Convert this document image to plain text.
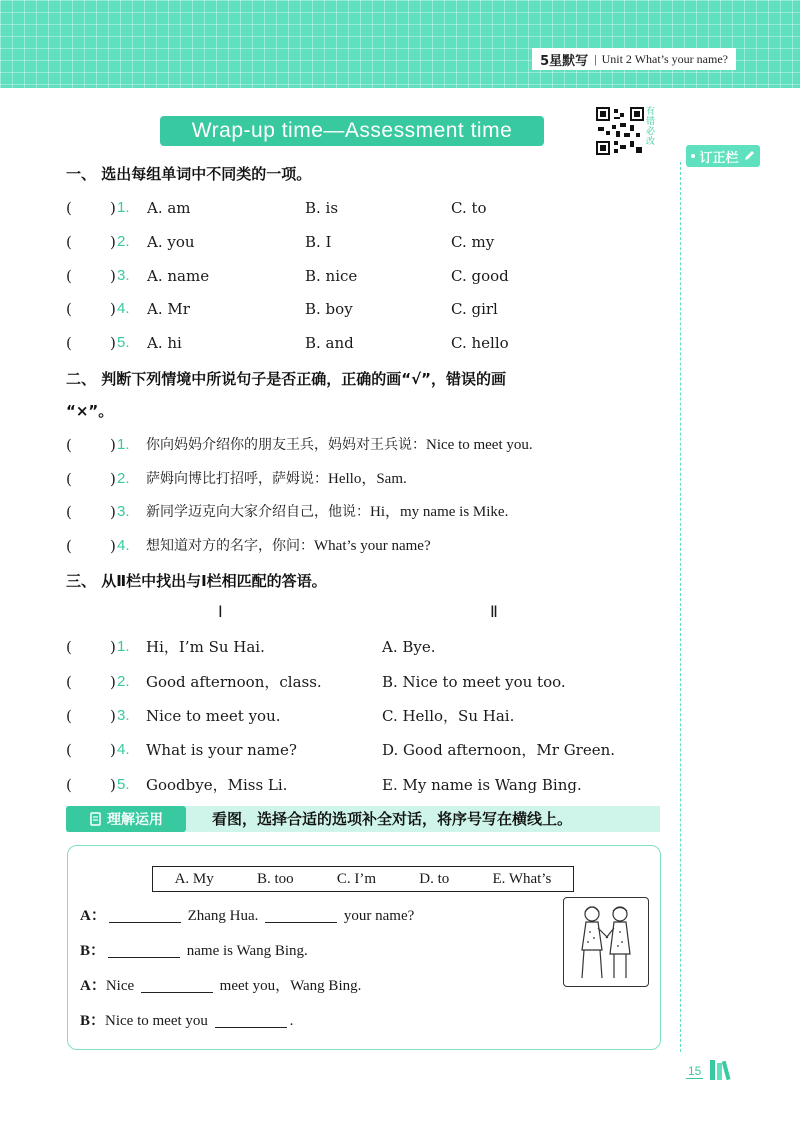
5星默写 | Unit 2 What’s your name?
Wrap-up time—Assessment time
有 错 必 改
订正栏
一、 选出每组单词中不同类的一项。
(	) 1. A. am	B. is	C. to
(	) 2. A. you	B. I	C. my
(	) 3. A. name	B. nice	C. good
(	) 4. A. Mr	B. boy	C. girl
(	) 5. A. hi	B. and	C. hello
二、 判断下列情境中所说句子是否正确，正确的画“√”，错误的画
“×”。
(	) 1. 你向妈妈介绍你的朋友王兵，妈妈对王兵说：Nice to meet you.
(	) 2. 萨姆向博比打招呼，萨姆说：Hello，Sam.
(	) 3. 新同学迈克向大家介绍自己，他说：Hi，my name is Mike.
(	) 4. 想知道对方的名字，你问：What’s your name?
三、 从Ⅱ栏中找出与Ⅰ栏相匹配的答语。
Ⅰ	Ⅱ
(	) 1. Hi，I’m Su Hai.	A. Bye.
(	) 2. Good afternoon，class.	B. Nice to meet you too.
(	) 3. Nice to meet you.	C. Hello，Su Hai.
(	) 4. What is your name?	D. Good afternoon，Mr Green.
(	) 5. Goodbye，Miss Li.	E. My name is Wang Bing.
理解运用	看图，选择合适的选项补全对话，将序号写在横线上。
A. My	B. too	C. I’m	D. to	E. What’s
A：	Zhang Hua.	your name?
B：	name is Wang Bing.
A：Nice	meet you，Wang Bing.
B：Nice to meet you	.
15
